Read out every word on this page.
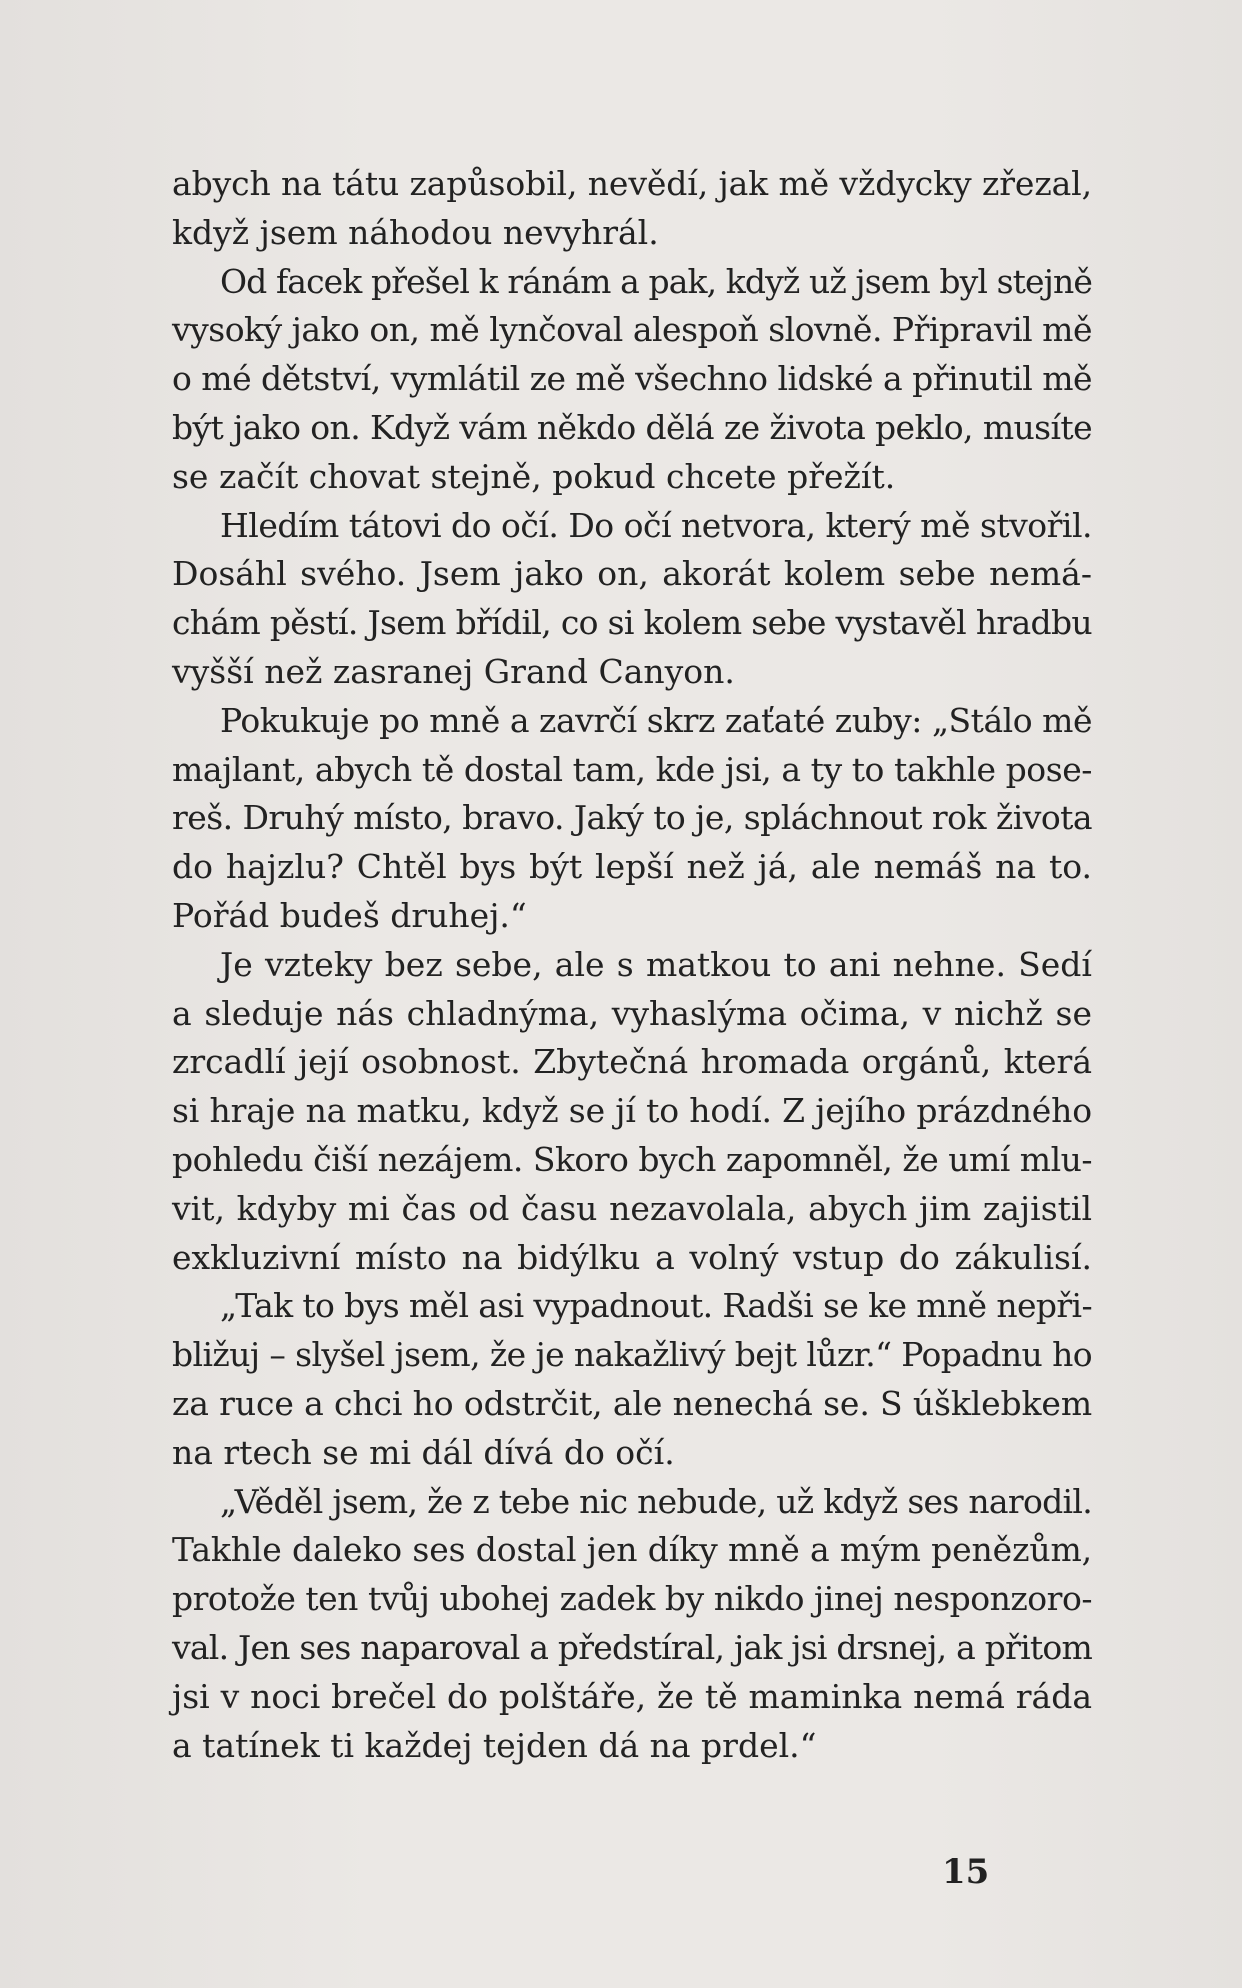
abych na tátu zapůsobil, nevědí, jak mě vždycky zřezal,
když jsem náhodou nevyhrál.
Od facek přešel k ránám a pak, když už jsem byl stejně
vysoký jako on, mě lynčoval alespoň slovně. Připravil mě
o mé dětství, vymlátil ze mě všechno lidské a přinutil mě
být jako on. Když vám někdo dělá ze života peklo, musíte
se začít chovat stejně, pokud chcete přežít.
Hledím tátovi do očí. Do očí netvora, který mě stvořil.
Dosáhl svého. Jsem jako on, akorát kolem sebe nemá-
chám pěstí. Jsem břídil, co si kolem sebe vystavěl hradbu
vyšší než zasranej Grand Canyon.
Pokukuje po mně a zavrčí skrz zaťaté zuby: „Stálo mě
majlant, abych tě dostal tam, kde jsi, a ty to takhle pose-
reš. Druhý místo, bravo. Jaký to je, spláchnout rok života
do hajzlu? Chtěl bys být lepší než já, ale nemáš na to.
Pořád budeš druhej.“
Je vzteky bez sebe, ale s matkou to ani nehne. Sedí
a sleduje nás chladnýma, vyhaslýma očima, v nichž se
zrcadlí její osobnost. Zbytečná hromada orgánů, která
si hraje na matku, když se jí to hodí. Z jejího prázdného
pohledu čiší nezájem. Skoro bych zapomněl, že umí mlu-
vit, kdyby mi čas od času nezavolala, abych jim zajistil
exkluzivní místo na bidýlku a volný vstup do zákulisí.
„Tak to bys měl asi vypadnout. Radši se ke mně nepři-
bližuj – slyšel jsem, že je nakažlivý bejt lůzr.“ Popadnu ho
za ruce a chci ho odstrčit, ale nenechá se. S úšklebkem
na rtech se mi dál dívá do očí.
„Věděl jsem, že z tebe nic nebude, už když ses narodil.
Takhle daleko ses dostal jen díky mně a mým penězům,
protože ten tvůj ubohej zadek by nikdo jinej nesponzoro-
val. Jen ses naparoval a předstíral, jak jsi drsnej, a přitom
jsi v noci brečel do polštáře, že tě maminka nemá ráda
a tatínek ti každej tejden dá na prdel.“
15
